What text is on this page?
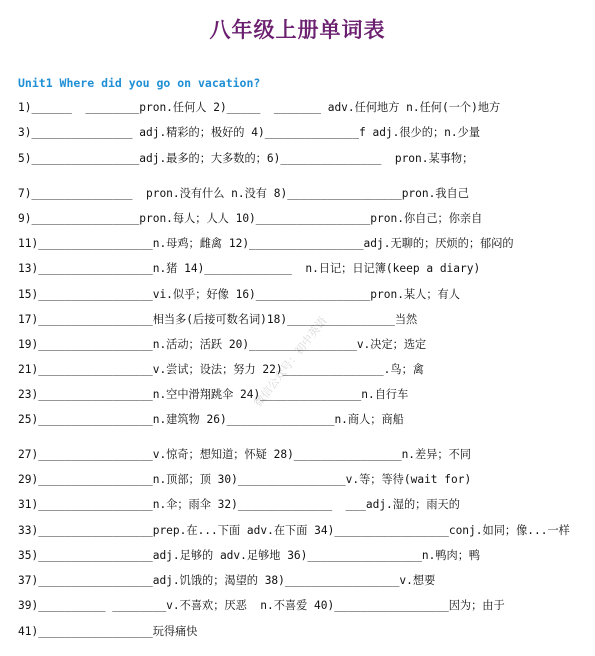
八年级上册单词表
Unit1 Where did you go on vacation?
微信公众号：初中英语
1)______  ________pron.任何人 2)_____  _______ adv.任何地方 n.任何(一个)地方
3)_______________ adj.精彩的；极好的 4)______________f adj.很少的；n.少量
5)________________adj.最多的；大多数的；6)_______________  pron.某事物；
7)_______________  pron.没有什么 n.没有 8)_________________pron.我自己
9)________________pron.每人；人人 10)_________________pron.你自己；你亲自
11)_________________n.母鸡；雌禽 12)_________________adj.无聊的；厌烦的；郁闷的
13)_________________n.猪 14)_____________  n.日记；日记簿(keep a diary)
15)_________________vi.似乎；好像 16)_________________pron.某人；有人
17)_________________相当多(后接可数名词)18)________________当然
19)_________________n.活动；活跃 20)________________v.决定；选定
21)_________________v.尝试；设法；努力 22)_______________.鸟；禽
23)_________________n.空中滑翔跳伞 24)_______________n.自行车
25)_________________n.建筑物 26)________________n.商人；商船
27)_________________v.惊奇；想知道；怀疑 28)________________n.差异；不同
29)_________________n.顶部；顶 30)________________v.等；等待(wait for)
31)_________________n.伞；雨伞 32)______________  ___adj.湿的；雨天的
33)_________________prep.在...下面 adv.在下面 34)_________________conj.如同；像...一样
35)_________________adj.足够的 adv.足够地 36)_________________n.鸭肉；鸭
37)_________________adj.饥饿的；渴望的 38)_________________v.想要
39)__________ ________v.不喜欢；厌恶  n.不喜爱 40)_________________因为；由于
41)_________________玩得痛快
